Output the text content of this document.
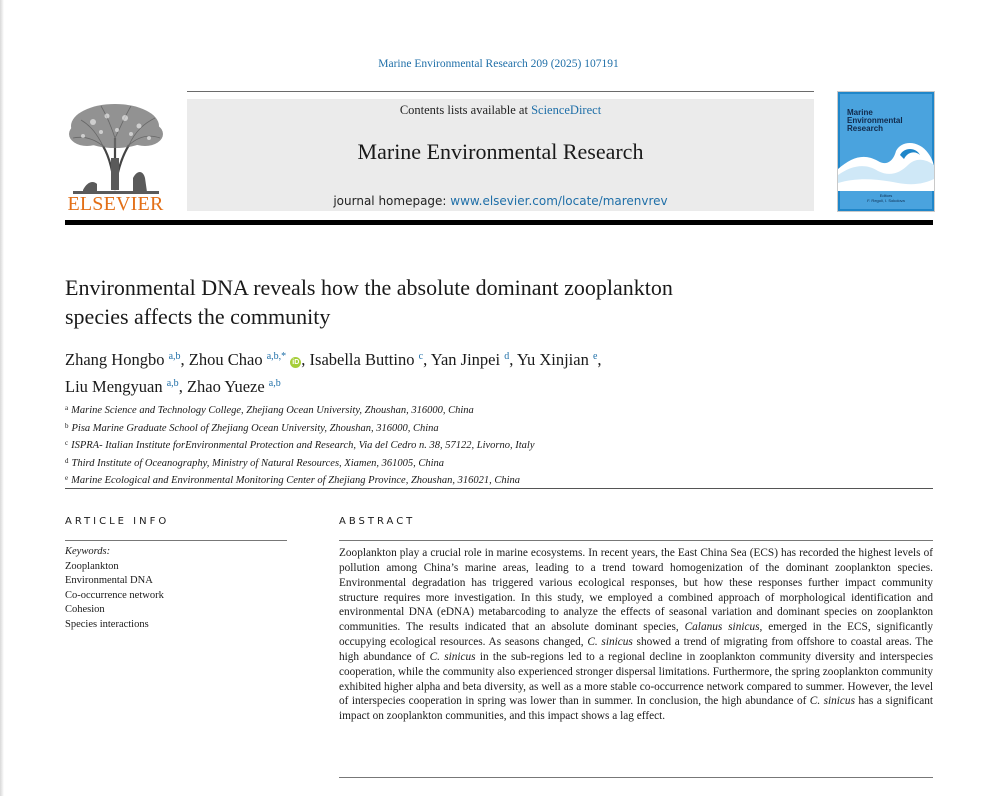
Marine Environmental Research 209 (2025) 107191
ELSEVIER
Contents lists available at ScienceDirect
Marine Environmental Research
journal homepage: www.elsevier.com/locate/marenvrev
Marine
Environmental
Research
Editors
F. Regoli, I. Sokolova
Environmental DNA reveals how the absolute dominant zooplankton
species affects the community
Zhang Hongbo $^{a,b}$, Zhou Chao $^{a,b,*}$ iD , Isabella Buttino $^c$, Yan Jinpei $^d$, Yu Xinjian $^e$,
Liu Mengyuan $^{a,b}$, Zhao Yueze $^{a,b}$
$^a$ Marine Science and Technology College, Zhejiang Ocean University, Zhoushan, 316000, China
$^b$ Pisa Marine Graduate School of Zhejiang Ocean University, Zhoushan, 316000, China
$^c$ ISPRA- Italian Institute forEnvironmental Protection and Research, Via del Cedro n. 38, 57122, Livorno, Italy
$^d$ Third Institute of Oceanography, Ministry of Natural Resources, Xiamen, 361005, China
$^e$ Marine Ecological and Environmental Monitoring Center of Zhejiang Province, Zhoushan, 316021, China
ARTICLE INFO	ABSTRACT
Keywords:
Zooplankton
Environmental DNA
Co-occurrence network
Cohesion
Species interactions
Zooplankton play a crucial role in marine ecosystems. In recent years, the East China Sea (ECS) has recorded the highest levels of pollution among China’s marine areas, leading to a trend toward homogenization of the dominant zooplankton species. Environmental degradation has triggered various ecological responses, but how these responses further impact community structure requires more investigation. In this study, we employed a combined approach of morphological identification and environmental DNA (eDNA) metabarcoding to analyze the effects of seasonal variation and dominant species on zooplankton communities. The results indicated that an absolute dominant species, Calanus sinicus, emerged in the ECS, significantly occupying ecological resources. As seasons changed, C. sinicus showed a trend of migrating from offshore to coastal areas. The high abundance of C. sinicus in the sub-regions led to a regional decline in zooplankton community diversity and interspecies cooperation, while the community also experienced stronger dispersal limitations. Furthermore, the spring zooplankton community exhibited higher alpha and beta diversity, as well as a more stable co-occurrence network compared to summer. However, the level of interspecies cooperation in spring was lower than in summer. In conclusion, the high abundance of C. sinicus has a significant impact on zooplankton communities, and this impact shows a lag effect.
